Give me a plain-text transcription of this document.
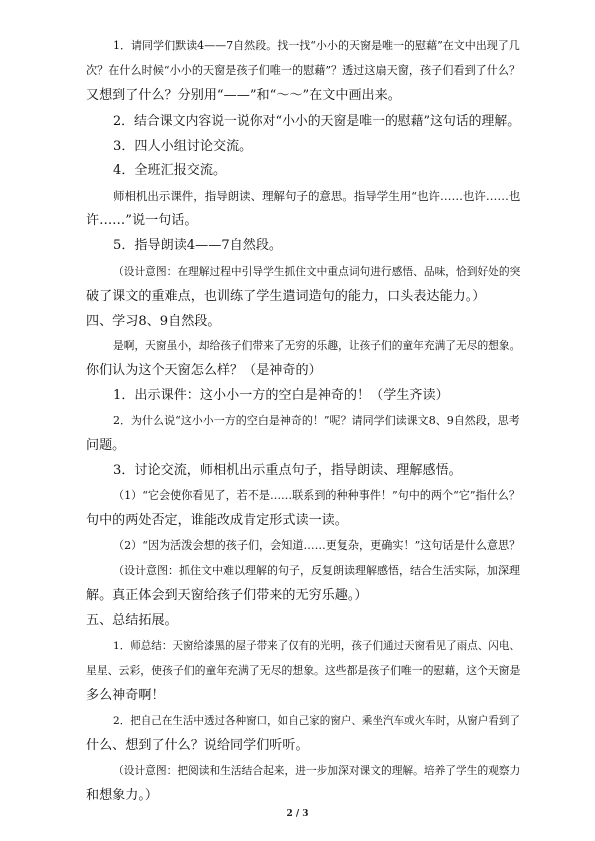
1．请同学们默读4——7自然段。找一找“小小的天窗是唯一的慰藉”在文中出现了几
次？在什么时候“小小的天窗是孩子们唯一的慰藉”？透过这扇天窗，孩子们看到了什么？
又想到了什么？分别用“——”和“～～”在文中画出来。
2．结合课文内容说一说你对“小小的天窗是唯一的慰藉”这句话的理解。
3．四人小组讨论交流。
4．全班汇报交流。
师相机出示课件，指导朗读、理解句子的意思。指导学生用“也许……也许……也
许……”说一句话。
5．指导朗读4——7自然段。
（设计意图：在理解过程中引导学生抓住文中重点词句进行感悟、品味，恰到好处的突
破了课文的重难点，也训练了学生遣词造句的能力，口头表达能力。）
四、学习8、9自然段。
是啊，天窗虽小，却给孩子们带来了无穷的乐趣，让孩子们的童年充满了无尽的想象。
你们认为这个天窗怎么样？（是神奇的）
1．出示课件：这小小一方的空白是神奇的！（学生齐读）
2．为什么说“这小小一方的空白是神奇的！”呢？请同学们读课文8、9自然段，思考
问题。
3．讨论交流，师相机出示重点句子，指导朗读、理解感悟。
（1）“它会使你看见了，若不是……联系到的种种事件！”句中的两个“它”指什么？
句中的两处否定，谁能改成肯定形式读一读。
（2）“因为活泼会想的孩子们，会知道……更复杂，更确实！”这句话是什么意思？
（设计意图：抓住文中难以理解的句子，反复朗读理解感悟，结合生活实际，加深理
解。真正体会到天窗给孩子们带来的无穷乐趣。）
五、总结拓展。
1．师总结：天窗给漆黑的屋子带来了仅有的光明，孩子们通过天窗看见了雨点、闪电、
星星、云彩，使孩子们的童年充满了无尽的想象。这些都是孩子们唯一的慰藉，这个天窗是
多么神奇啊！
2．把自己在生活中透过各种窗口，如自己家的窗户、乘坐汽车或火车时，从窗户看到了
什么、想到了什么？说给同学们听听。
（设计意图：把阅读和生活结合起来，进一步加深对课文的理解。培养了学生的观察力
和想象力。）
2 / 3
